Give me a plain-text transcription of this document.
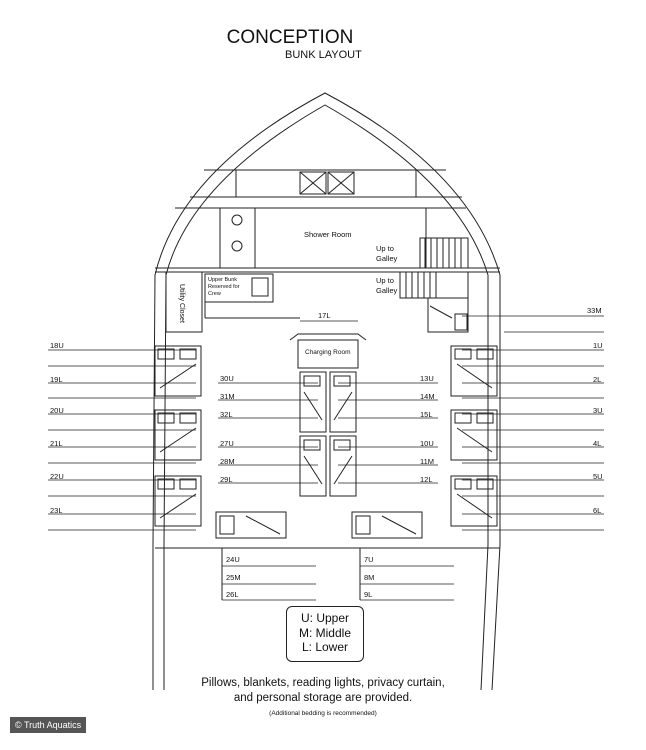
CONCEPTION
BUNK LAYOUT
Shower Room
Up to
Galley
Up to
Galley
Utility Closet
Upper Bunk
Reserved for
Crew
Charging Room
17L
18U
19L
20U
21L
22U
23L
30U
31M
32L
27U
28M
29L
13U
14M
15L
10U
11M
12L
33M
1U
2L
3U
4L
5U
6L
24U
25M
26L
7U
8M
9L
U: Upper
M: Middle
L: Lower
Pillows, blankets, reading lights, privacy curtain,
and personal storage are provided.
(Additional bedding is recommended)
© Truth Aquatics
